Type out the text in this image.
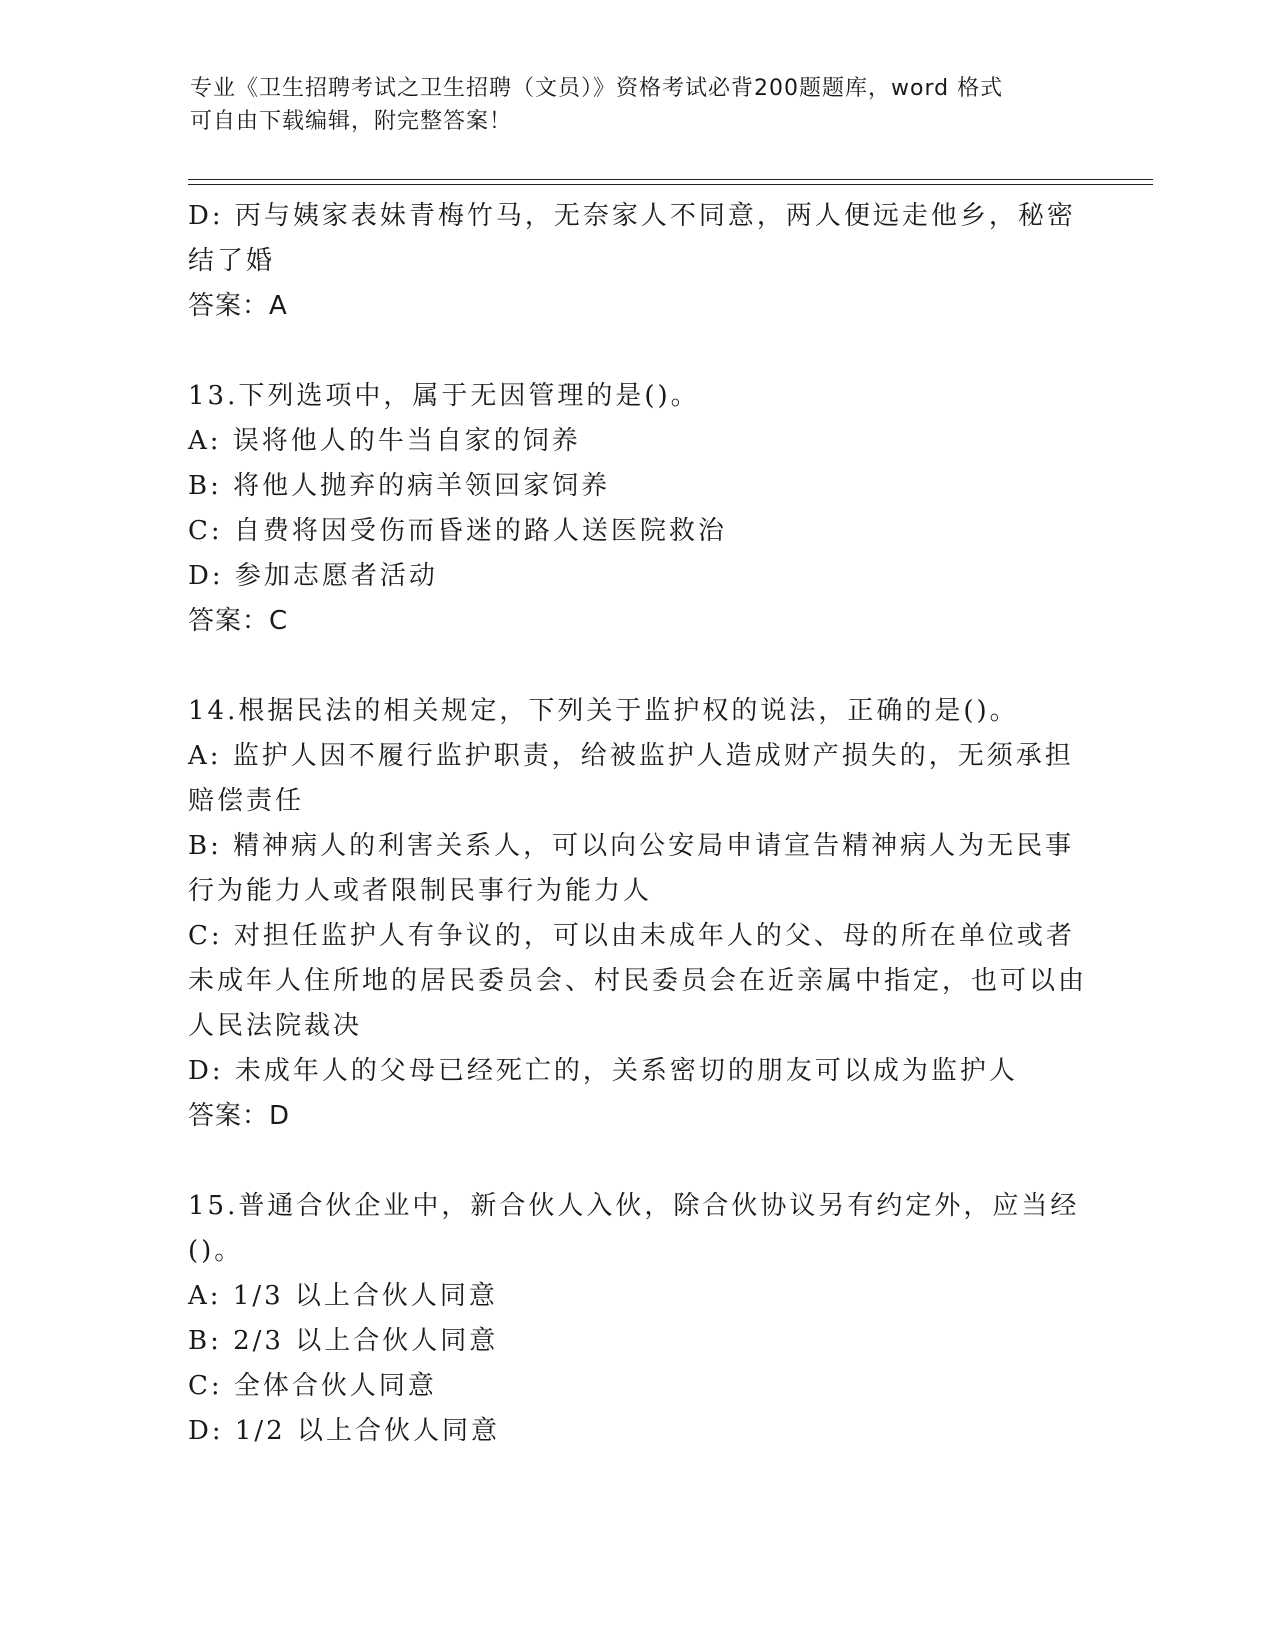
专业《卫生招聘考试之卫生招聘（文员）》资格考试必背200题题库，word 格式
可自由下载编辑，附完整答案！
D: 丙与姨家表妹青梅竹马，无奈家人不同意，两人便远走他乡，秘密结了婚
答案：A
13.下列选项中，属于无因管理的是()。
A: 误将他人的牛当自家的饲养
B: 将他人抛弃的病羊领回家饲养
C: 自费将因受伤而昏迷的路人送医院救治
D: 参加志愿者活动
答案：C
14.根据民法的相关规定，下列关于监护权的说法，正确的是()。
A: 监护人因不履行监护职责，给被监护人造成财产损失的，无须承担赔偿责任
B: 精神病人的利害关系人，可以向公安局申请宣告精神病人为无民事行为能力人或者限制民事行为能力人
C: 对担任监护人有争议的，可以由未成年人的父、母的所在单位或者未成年人住所地的居民委员会、村民委员会在近亲属中指定，也可以由人民法院裁决
D: 未成年人的父母已经死亡的，关系密切的朋友可以成为监护人
答案：D
15.普通合伙企业中，新合伙人入伙，除合伙协议另有约定外，应当经()。
A: 1/3 以上合伙人同意
B: 2/3 以上合伙人同意
C: 全体合伙人同意
D: 1/2 以上合伙人同意
